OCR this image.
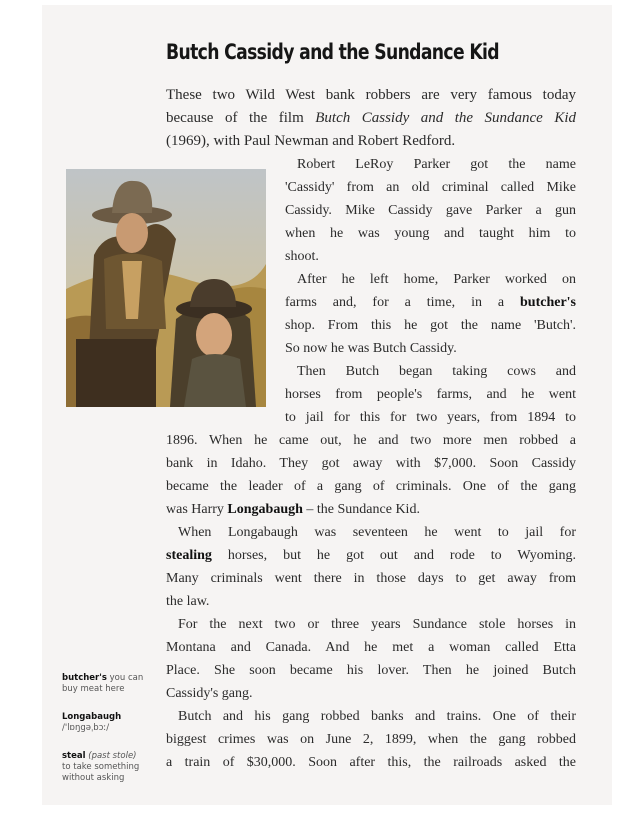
Butch Cassidy and the Sundance Kid
These two Wild West bank robbers are very famous today
because of the film Butch Cassidy and the Sundance Kid
(1969), with Paul Newman and Robert Redford.
Robert LeRoy Parker got the name
'Cassidy' from an old criminal called Mike
Cassidy. Mike Cassidy gave Parker a gun
when he was young and taught him to
shoot.
After he left home, Parker worked on
farms and, for a time, in a butcher's
shop. From this he got the name 'Butch'.
So now he was Butch Cassidy.
Then Butch began taking cows and
horses from people's farms, and he went
to jail for this for two years, from 1894 to
1896. When he came out, he and two more men robbed a
bank in Idaho. They got away with $7,000. Soon Cassidy
became the leader of a gang of criminals. One of the gang
was Harry Longabaugh – the Sundance Kid.
When Longabaugh was seventeen he went to jail for
stealing horses, but he got out and rode to Wyoming.
Many criminals went there in those days to get away from
the law.
For the next two or three years Sundance stole horses in
Montana and Canada. And he met a woman called Etta
Place. She soon became his lover. Then he joined Butch
Cassidy's gang.
Butch and his gang robbed banks and trains. One of their
biggest crimes was on June 2, 1899, when the gang robbed
a train of $30,000. Soon after this, the railroads asked the
butcher's you can buy meat here
Longabaugh
/'lɒŋgəˌbɔː/
steal (past stole)
to take something without asking
